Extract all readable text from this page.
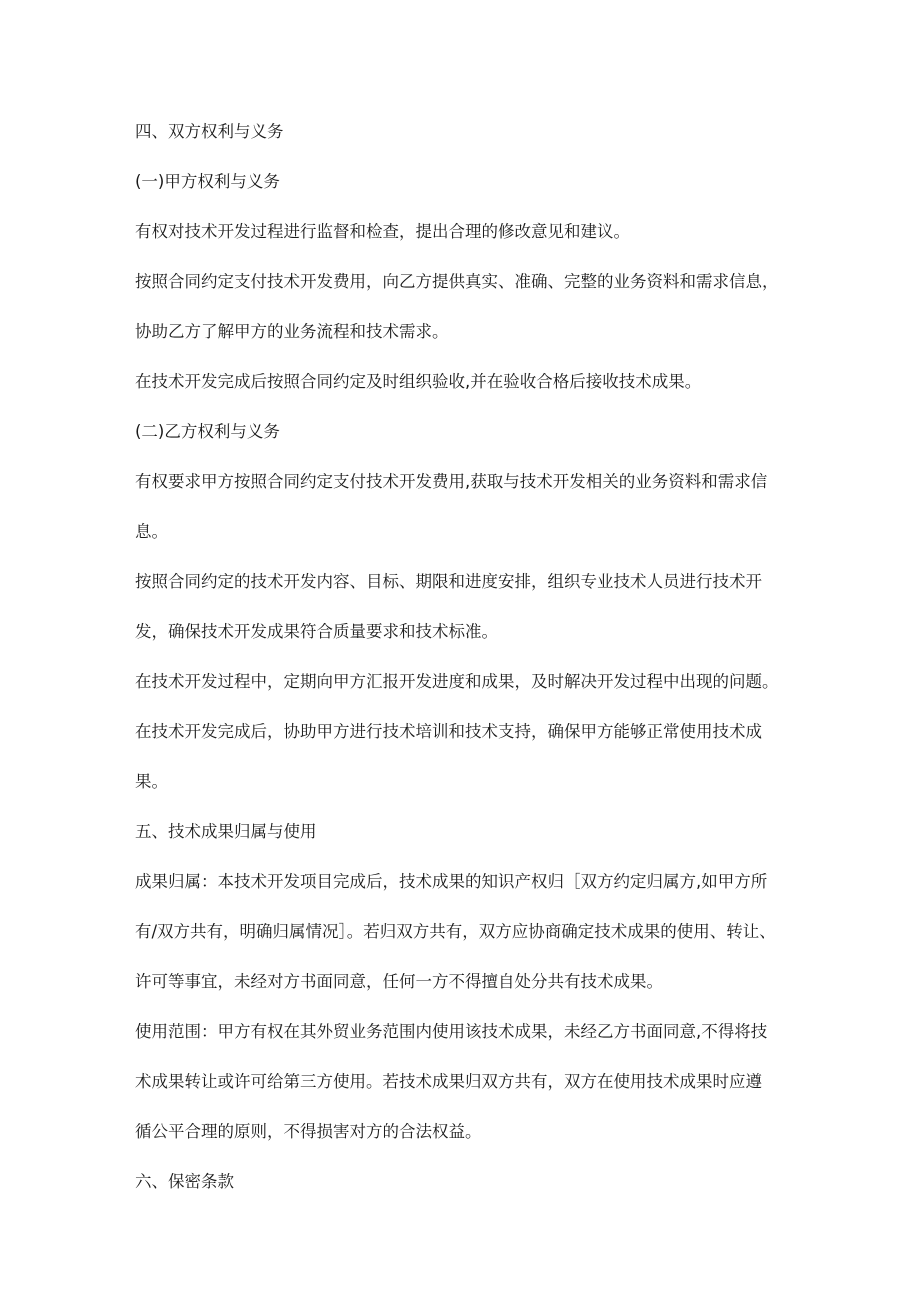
四、双方权利与义务

(一)甲方权利与义务

有权对技术开发过程进行监督和检查，提出合理的修改意见和建议。

按照合同约定支付技术开发费用，向乙方提供真实、准确、完整的业务资料和需求信息，
协助乙方了解甲方的业务流程和技术需求。

在技术开发完成后按照合同约定及时组织验收,并在验收合格后接收技术成果。

(二)乙方权利与义务

有权要求甲方按照合同约定支付技术开发费用,获取与技术开发相关的业务资料和需求信
息。

按照合同约定的技术开发内容、目标、期限和进度安排，组织专业技术人员进行技术开
发，确保技术开发成果符合质量要求和技术标准。

在技术开发过程中，定期向甲方汇报开发进度和成果，及时解决开发过程中出现的问题。

在技术开发完成后，协助甲方进行技术培训和技术支持，确保甲方能够正常使用技术成
果。

五、技术成果归属与使用

成果归属：本技术开发项目完成后，技术成果的知识产权归［双方约定归属方,如甲方所
有/双方共有，明确归属情况］。若归双方共有，双方应协商确定技术成果的使用、转让、
许可等事宜，未经对方书面同意，任何一方不得擅自处分共有技术成果。

使用范围：甲方有权在其外贸业务范围内使用该技术成果，未经乙方书面同意,不得将技
术成果转让或许可给第三方使用。若技术成果归双方共有，双方在使用技术成果时应遵
循公平合理的原则，不得损害对方的合法权益。

六、保密条款
